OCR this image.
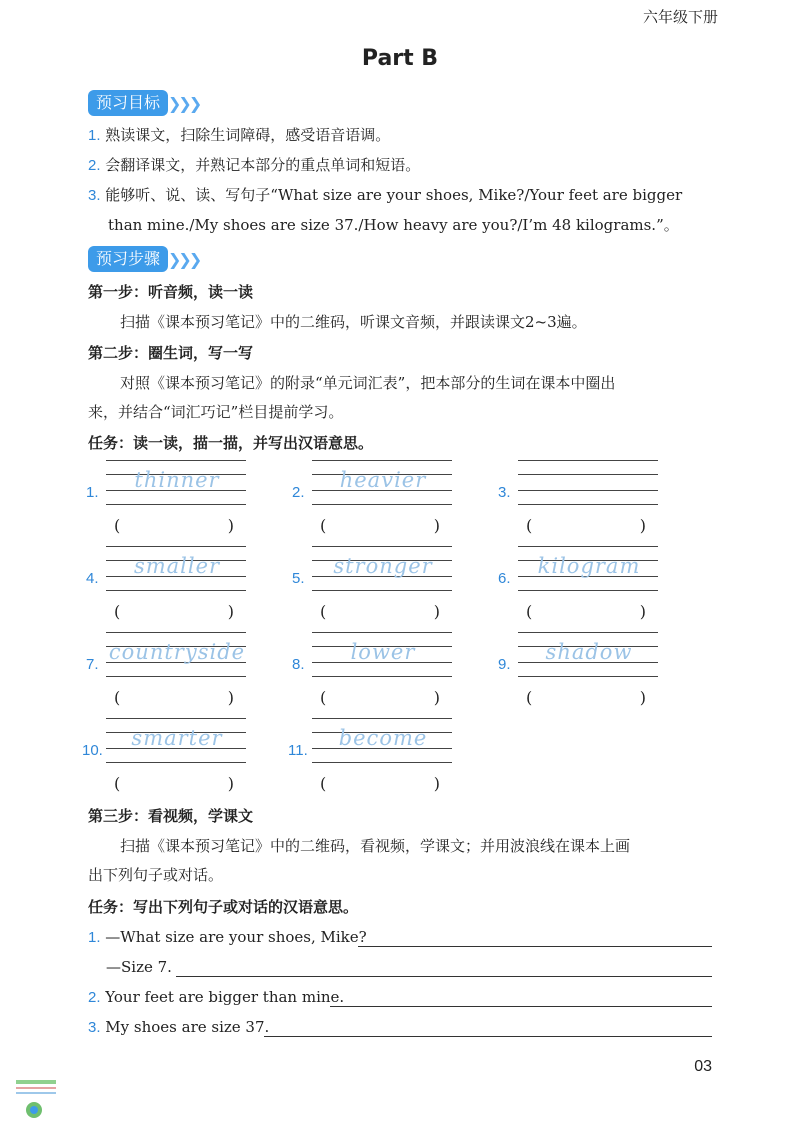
六年级下册
Part B
预习目标 ❯❯❯
1. 熟读课文，扫除生词障碍，感受语音语调。
2. 会翻译课文，并熟记本部分的重点单词和短语。
3. 能够听、说、读、写句子“What size are your shoes, Mike?/Your feet are bigger
than mine./My shoes are size 37./How heavy are you?/I’m 48 kilograms.”。
预习步骤 ❯❯❯
第一步：听音频，读一读
扫描《课本预习笔记》中的二维码，听课文音频，并跟读课文2~3遍。
第二步：圈生词，写一写
对照《课本预习笔记》的附录“单元词汇表”，把本部分的生词在课本中圈出
来，并结合“词汇巧记”栏目提前学习。
任务：读一读，描一描，并写出汉语意思。
1.
thinner
(	)
2.
heavier
(	)
3.
(	)
4.
smaller
(	)
5.
stronger
(	)
6.
kilogram
(	)
7.
countryside
(	)
8.
lower
(	)
9.
shadow
(	)
10.
smarter
(	)
11.
become
(	)
第三步：看视频，学课文
扫描《课本预习笔记》中的二维码，看视频，学课文；并用波浪线在课本上画
出下列句子或对话。
任务：写出下列句子或对话的汉语意思。
1. —What size are your shoes, Mike?
—Size 7.
2. Your feet are bigger than mine.
3. My shoes are size 37.
03
